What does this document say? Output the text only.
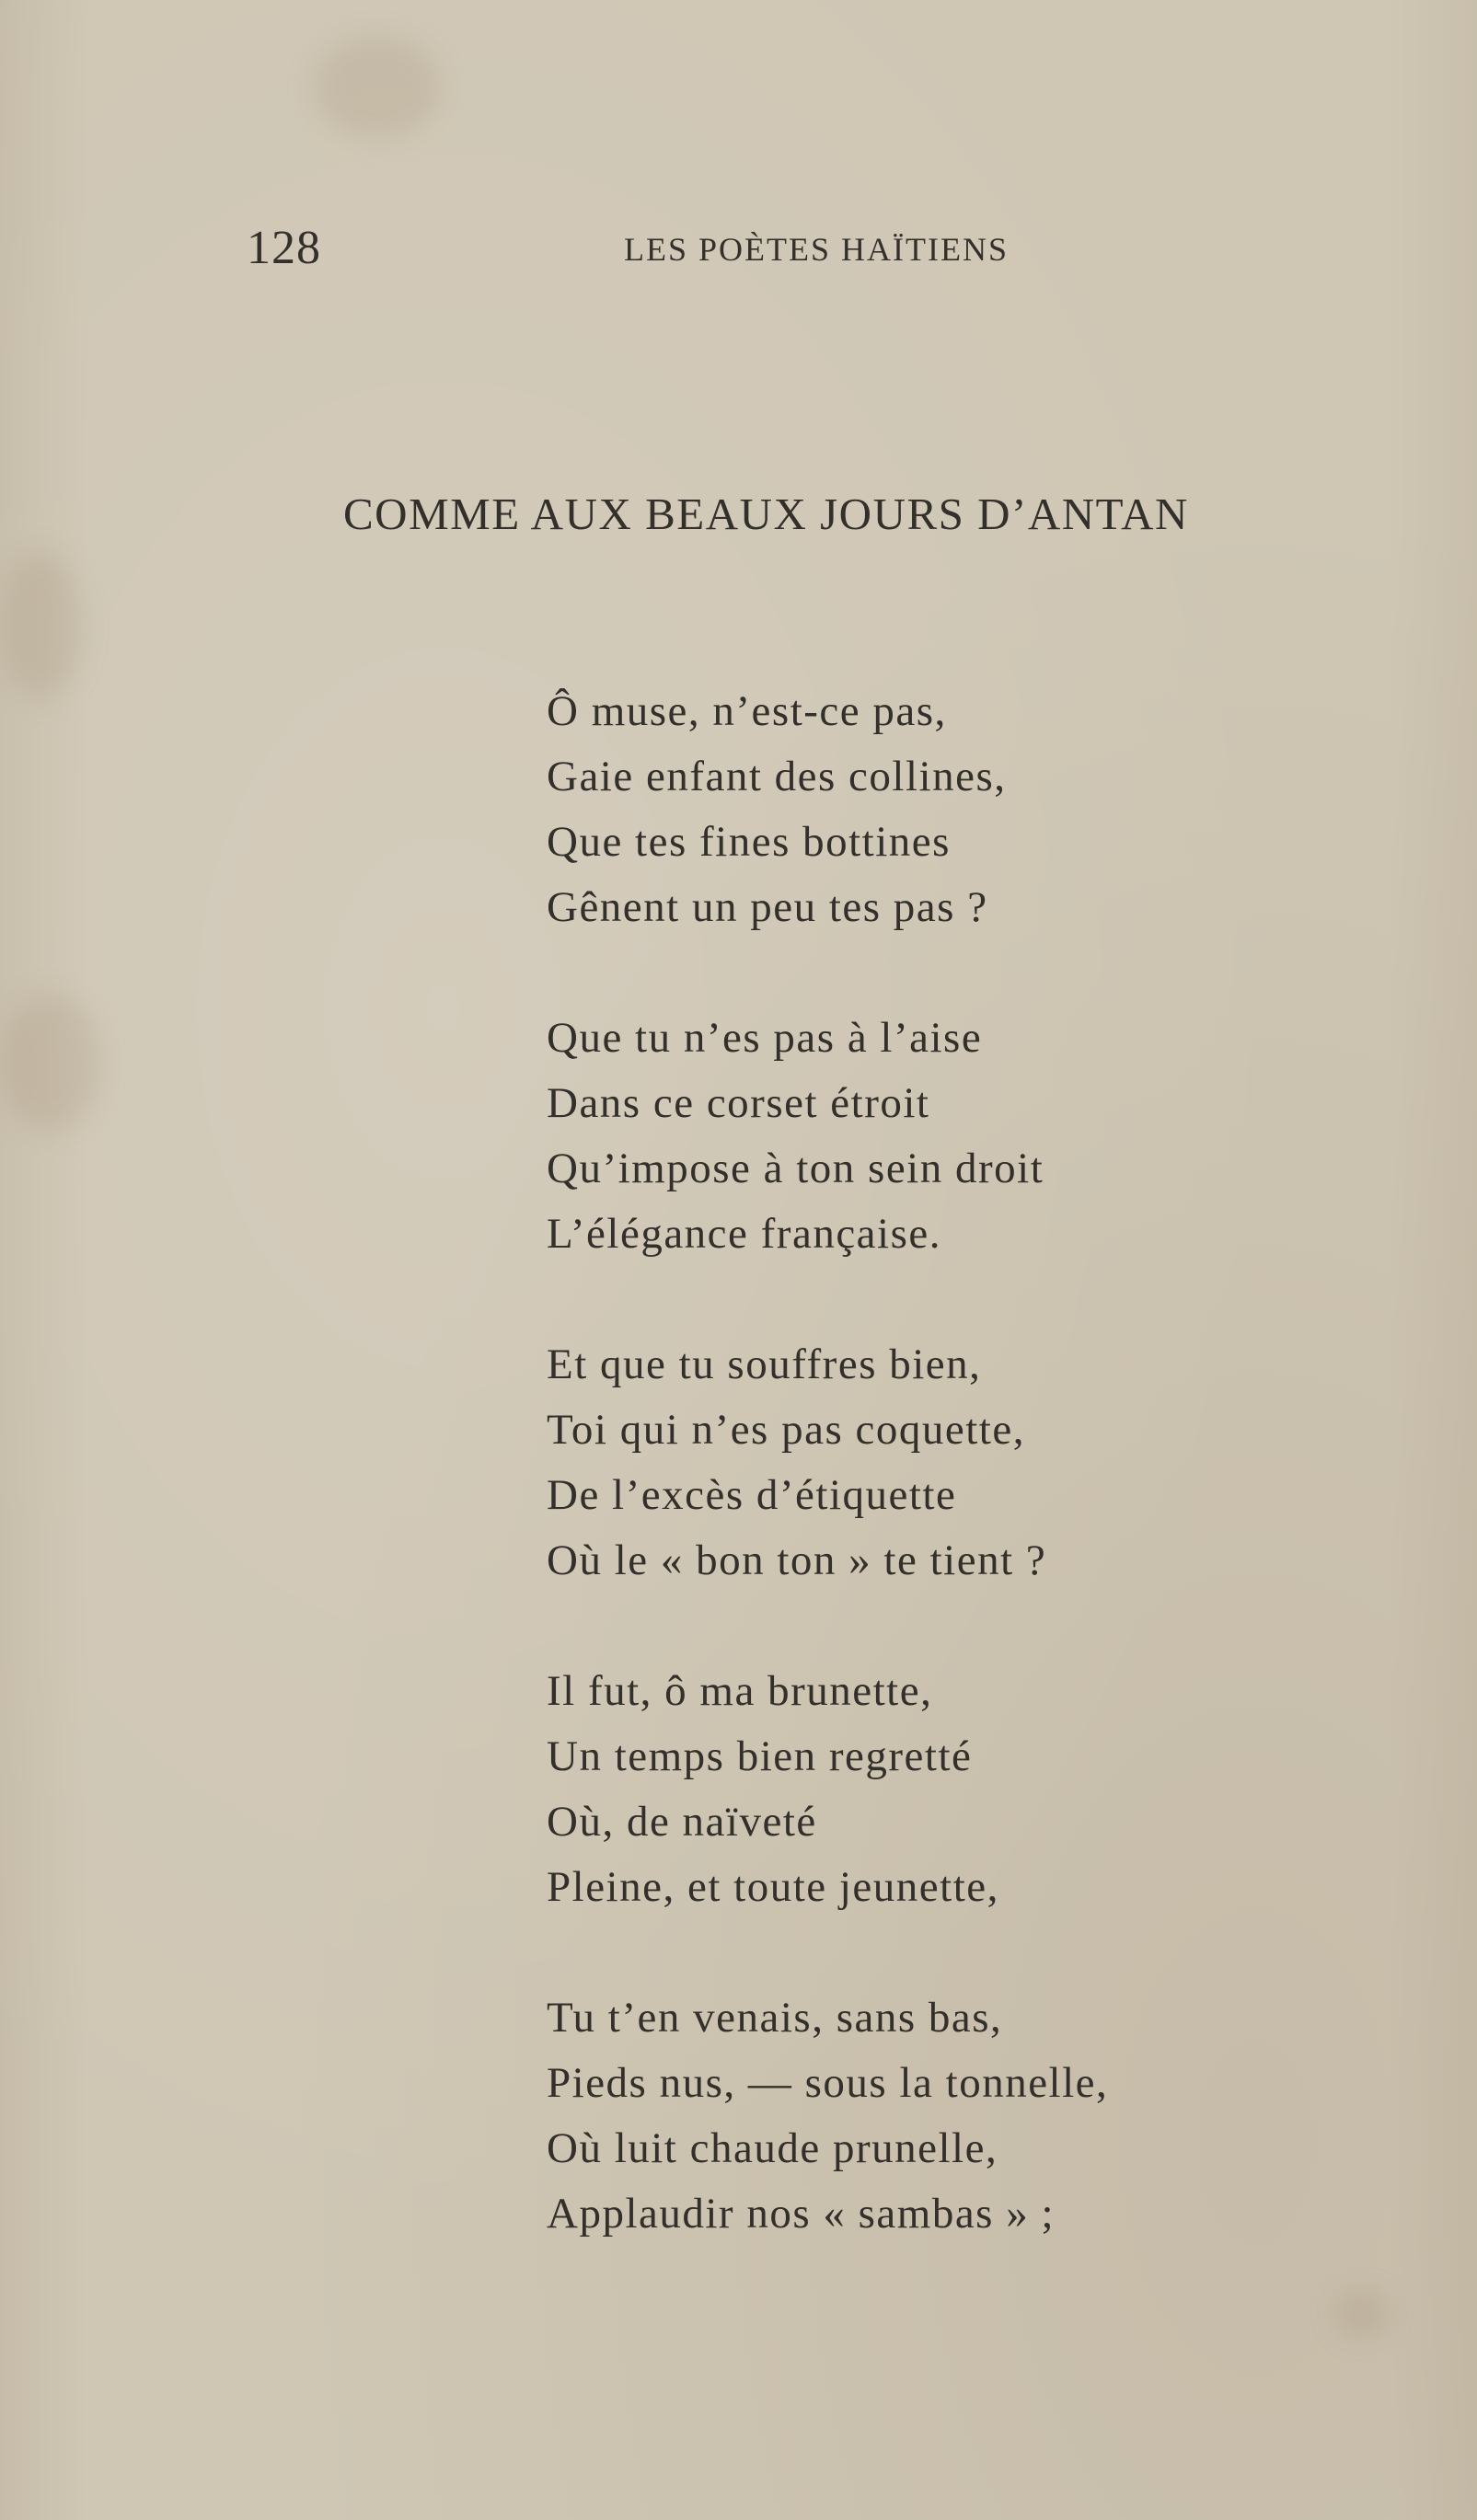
128	LES POÈTES HAÏTIENS
COMME AUX BEAUX JOURS D’ANTAN
Ô muse, n’est-ce pas,
Gaie enfant des collines,
Que tes fines bottines
Gênent un peu tes pas ?
Que tu n’es pas à l’aise
Dans ce corset étroit
Qu’impose à ton sein droit
L’élégance française.
Et que tu souffres bien,
Toi qui n’es pas coquette,
De l’excès d’étiquette
Où le « bon ton » te tient ?
Il fut, ô ma brunette,
Un temps bien regretté
Où, de naïveté
Pleine, et toute jeunette,
Tu t’en venais, sans bas,
Pieds nus, — sous la tonnelle,
Où luit chaude prunelle,
Applaudir nos « sambas » ;
